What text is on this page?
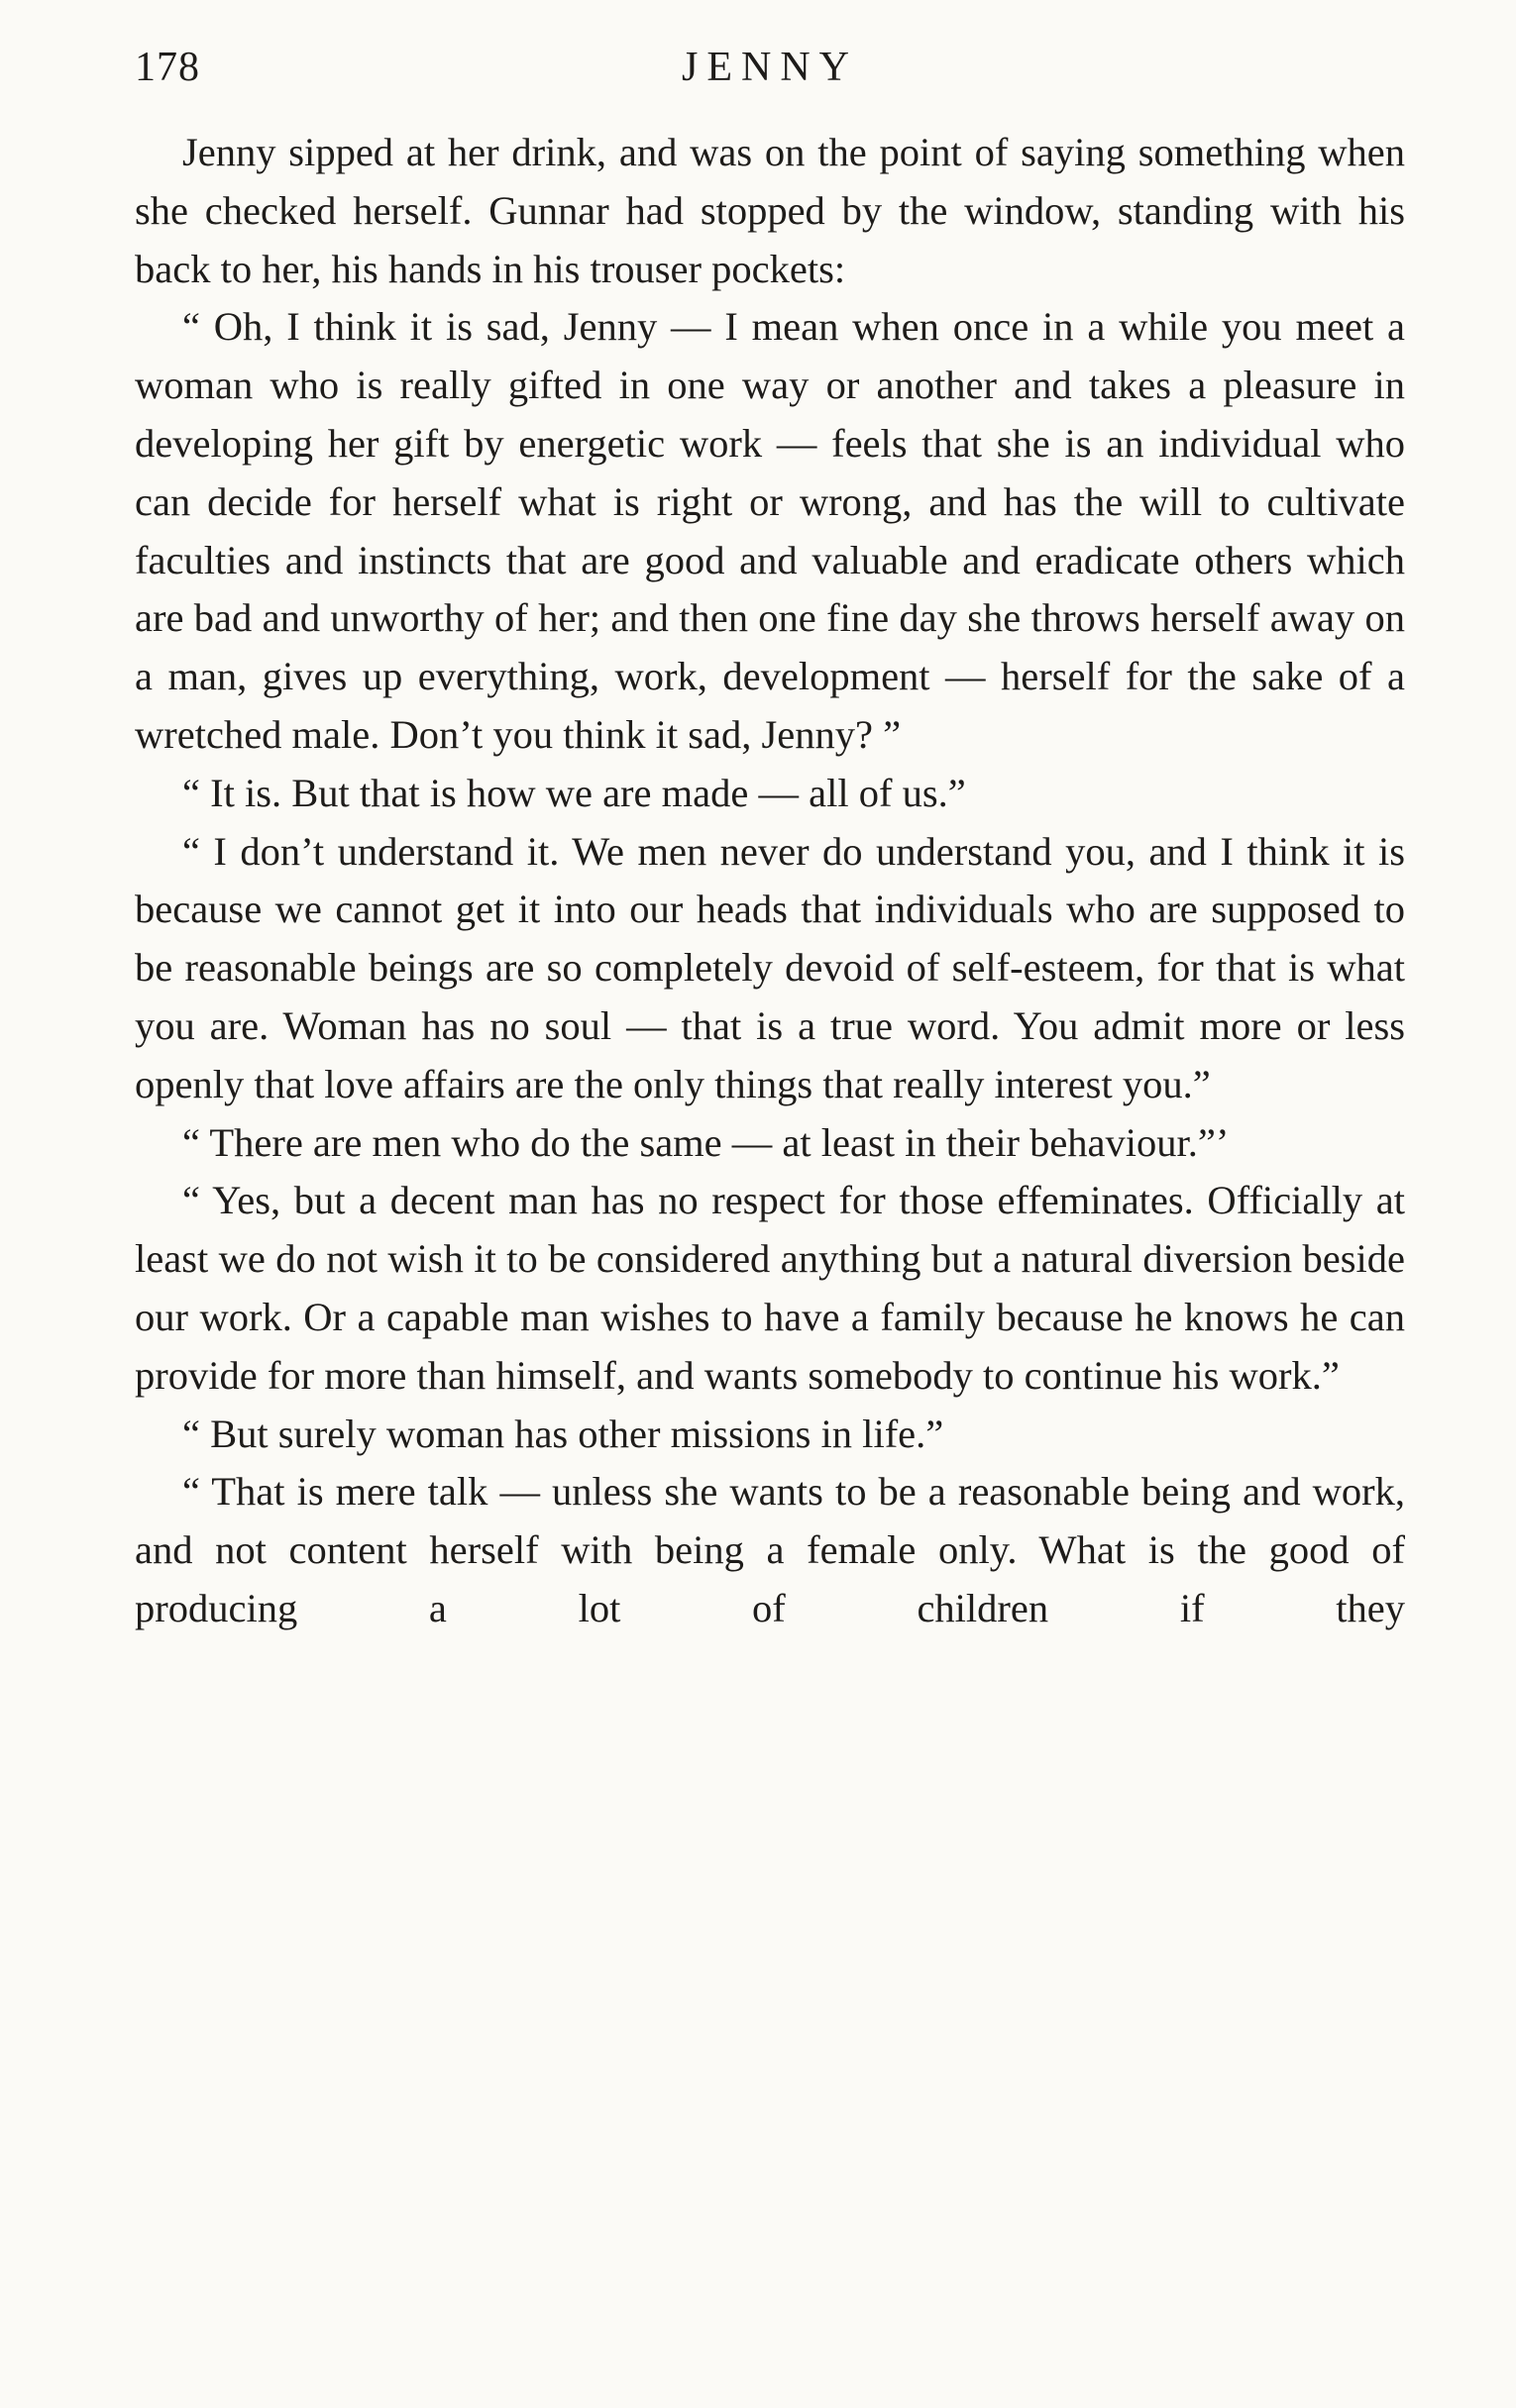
178	JENNY

Jenny sipped at her drink, and was on the point of saying something when she checked herself. Gunnar had stopped by the window, standing with his back to her, his hands in his trouser pockets:

“ Oh, I think it is sad, Jenny — I mean when once in a while you meet a woman who is really gifted in one way or another and takes a pleasure in developing her gift by energetic work — feels that she is an individual who can decide for herself what is right or wrong, and has the will to cultivate faculties and instincts that are good and valuable and eradicate others which are bad and unworthy of her; and then one fine day she throws herself away on a man, gives up everything, work, development — herself for the sake of a wretched male. Don’t you think it sad, Jenny? ”

“ It is. But that is how we are made — all of us.”

“ I don’t understand it. We men never do understand you, and I think it is because we cannot get it into our heads that individuals who are supposed to be reasonable beings are so completely devoid of self-esteem, for that is what you are. Woman has no soul — that is a true word. You admit more or less openly that love affairs are the only things that really interest you.”

“ There are men who do the same — at least in their behaviour.”’

“ Yes, but a decent man has no respect for those effeminates. Officially at least we do not wish it to be considered anything but a natural diversion beside our work. Or a capable man wishes to have a family because he knows he can provide for more than himself, and wants somebody to continue his work.”

“ But surely woman has other missions in life.”

“ That is mere talk — unless she wants to be a reasonable being and work, and not content herself with being a female only. What is the good of producing a lot of children if they
